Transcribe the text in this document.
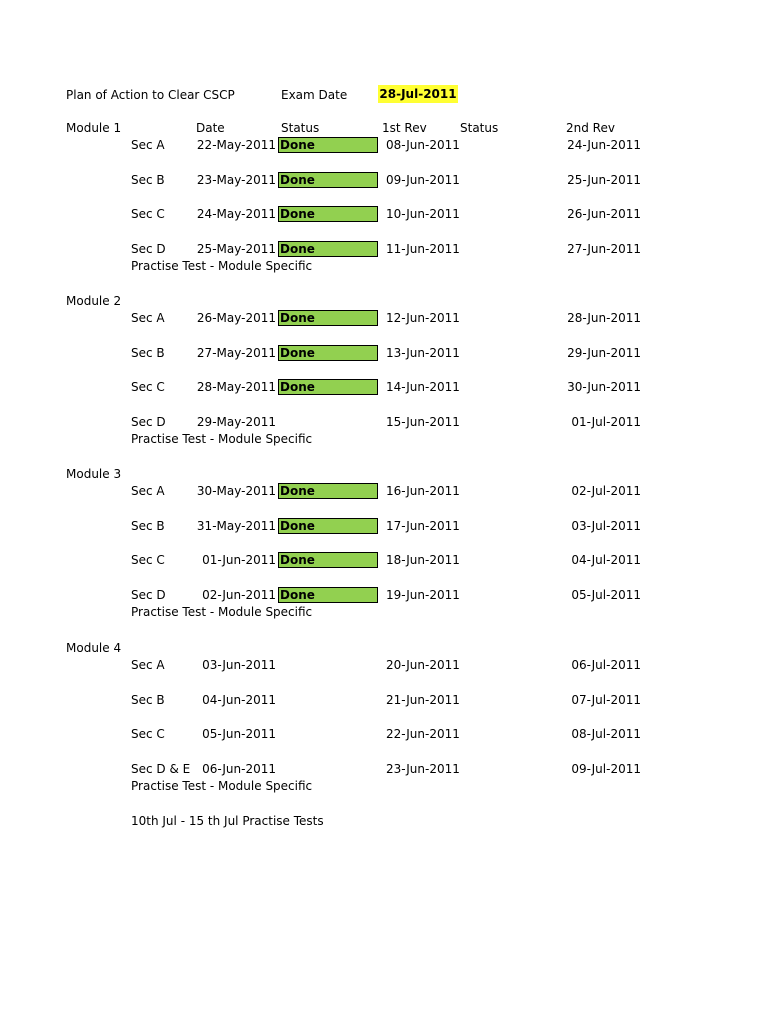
Plan of Action to Clear CSCP	Exam Date	28-Jul-2011
Date	Status	1st Rev	Status	2nd Rev
Module 1
Sec A	22-May-2011 Done	08-Jun-2011	24-Jun-2011
Sec B	23-May-2011 Done	09-Jun-2011	25-Jun-2011
Sec C	24-May-2011 Done	10-Jun-2011	26-Jun-2011
Sec D	25-May-2011 Done	11-Jun-2011	27-Jun-2011
Practise Test - Module Specific
Module 2
Sec A	26-May-2011 Done	12-Jun-2011	28-Jun-2011
Sec B	27-May-2011 Done	13-Jun-2011	29-Jun-2011
Sec C	28-May-2011 Done	14-Jun-2011	30-Jun-2011
Sec D	29-May-2011	15-Jun-2011	01-Jul-2011
Practise Test - Module Specific
Module 3
Sec A	30-May-2011 Done	16-Jun-2011	02-Jul-2011
Sec B	31-May-2011 Done	17-Jun-2011	03-Jul-2011
Sec C	01-Jun-2011 Done	18-Jun-2011	04-Jul-2011
Sec D	02-Jun-2011 Done	19-Jun-2011	05-Jul-2011
Practise Test - Module Specific
Module 4
Sec A	03-Jun-2011	20-Jun-2011	06-Jul-2011
Sec B	04-Jun-2011	21-Jun-2011	07-Jul-2011
Sec C	05-Jun-2011	22-Jun-2011	08-Jul-2011
Sec D & E 06-Jun-2011	23-Jun-2011	09-Jul-2011
Practise Test - Module Specific
10th Jul - 15 th Jul Practise Tests
